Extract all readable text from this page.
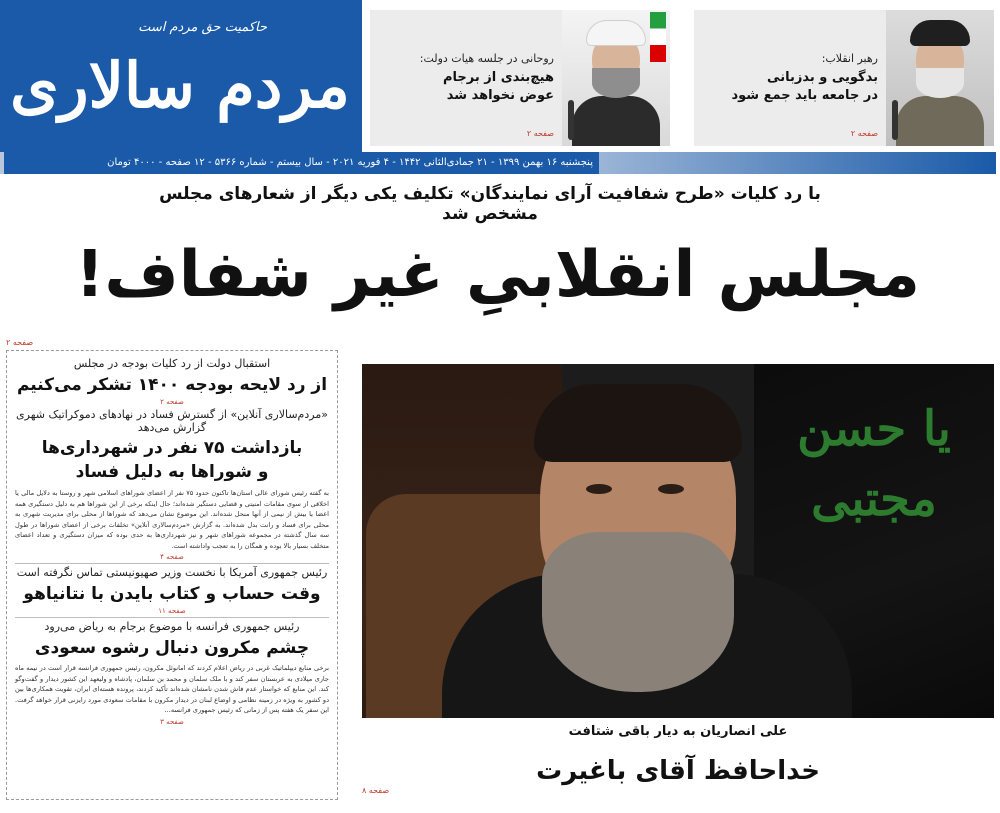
حاکمیت حق مردم است
مردم سالاری	رهبر انقلاب:
بدگویی و بدزبانی
در جامعه باید جمع شود
صفحه ۲
روحانی در جلسه هیات دولت:
هیچ‌بندی از برجام
عوض نخواهد شد
صفحه ۲
پنجشنبه ۱۶ بهمن ۱۳۹۹ - ۲۱ جمادی‌الثانی ۱۴۴۲ - ۴ فوریه ۲۰۲۱ - سال بیستم - شماره ۵۳۶۶ - ۱۲ صفحه - ۴۰۰۰ تومان
با رد کلیات «طرح شفافیت آرای نمایندگان» تکلیف یکی دیگر از شعارهای مجلس مشخص شد
مجلس انقلابیِ غیر شفاف!
صفحه ۲
استقبال دولت از رد کلیات بودجه در مجلس
از رد لایحه بودجه ۱۴۰۰ تشکر می‌کنیم
صفحه ۲
«مردم‌سالاری آنلاین» از گسترش فساد در نهادهای دموکراتیک شهری گزارش می‌دهد
بازداشت ۷۵ نفر در شهرداری‌ها
و شوراها به دلیل فساد
به گفته رئیس شورای عالی استان‌ها تاکنون حدود ۷۵ نفر از اعضای شوراهای اسلامی شهر و روستا به دلایل مالی یا اخلاقی از سوی مقامات امنیتی و قضایی دستگیر شده‌اند؛ حال اینکه برخی از این شوراها هم به دلیل دستگیری همه اعضا یا بیش از نیمی از آنها منحل شده‌اند. این موضوع نشان می‌دهد که شوراها از محلی برای مدیریت شهری به محلی برای فساد و رانت بدل شده‌اند. به گزارش «مردم‌سالاری آنلاین» تخلفات برخی از اعضای شوراها در طول سه سال گذشته در مجموعه شوراهای شهر و نیز شهرداری‌ها به حدی بوده که میزان دستگیری و تعداد اعضای متخلف بسیار بالا بوده و همگان را به تعجب واداشته است.
صفحه ۴
رئیس جمهوری آمریکا با نخست وزیر صهیونیستی تماس نگرفته است
وقت حساب و کتاب بایدن با نتانیاهو
صفحه ۱۱
رئیس جمهوری فرانسه با موضوع برجام به ریاض می‌رود
چشم مکرون دنبال رشوه سعودی
برخی منابع دیپلماتیک غربی در ریاض اعلام کردند که امانوئل مکرون، رئیس جمهوری فرانسه قرار است در نیمه ماه جاری میلادی به عربستان سفر کند و با ملک سلمان و محمد بن سلمان، پادشاه و ولیعهد این کشور دیدار و گفت‌وگو کند. این منابع که خواستار عدم فاش شدن نامشان شده‌اند تأکید کردند، پرونده هسته‌ای ایران، تقویت همکاری‌ها بین دو کشور به ویژه در زمینه نظامی و اوضاع لبنان در دیدار مکرون با مقامات سعودی مورد رایزنی قرار خواهد گرفت. این سفر یک هفته پس از زمانی که رئیس جمهوری فرانسه...
صفحه ۳
یا حسن مجتبی
علی انصاریان به دیار باقی شتافت
خداحافظ آقای باغیرت
صفحه ۸
